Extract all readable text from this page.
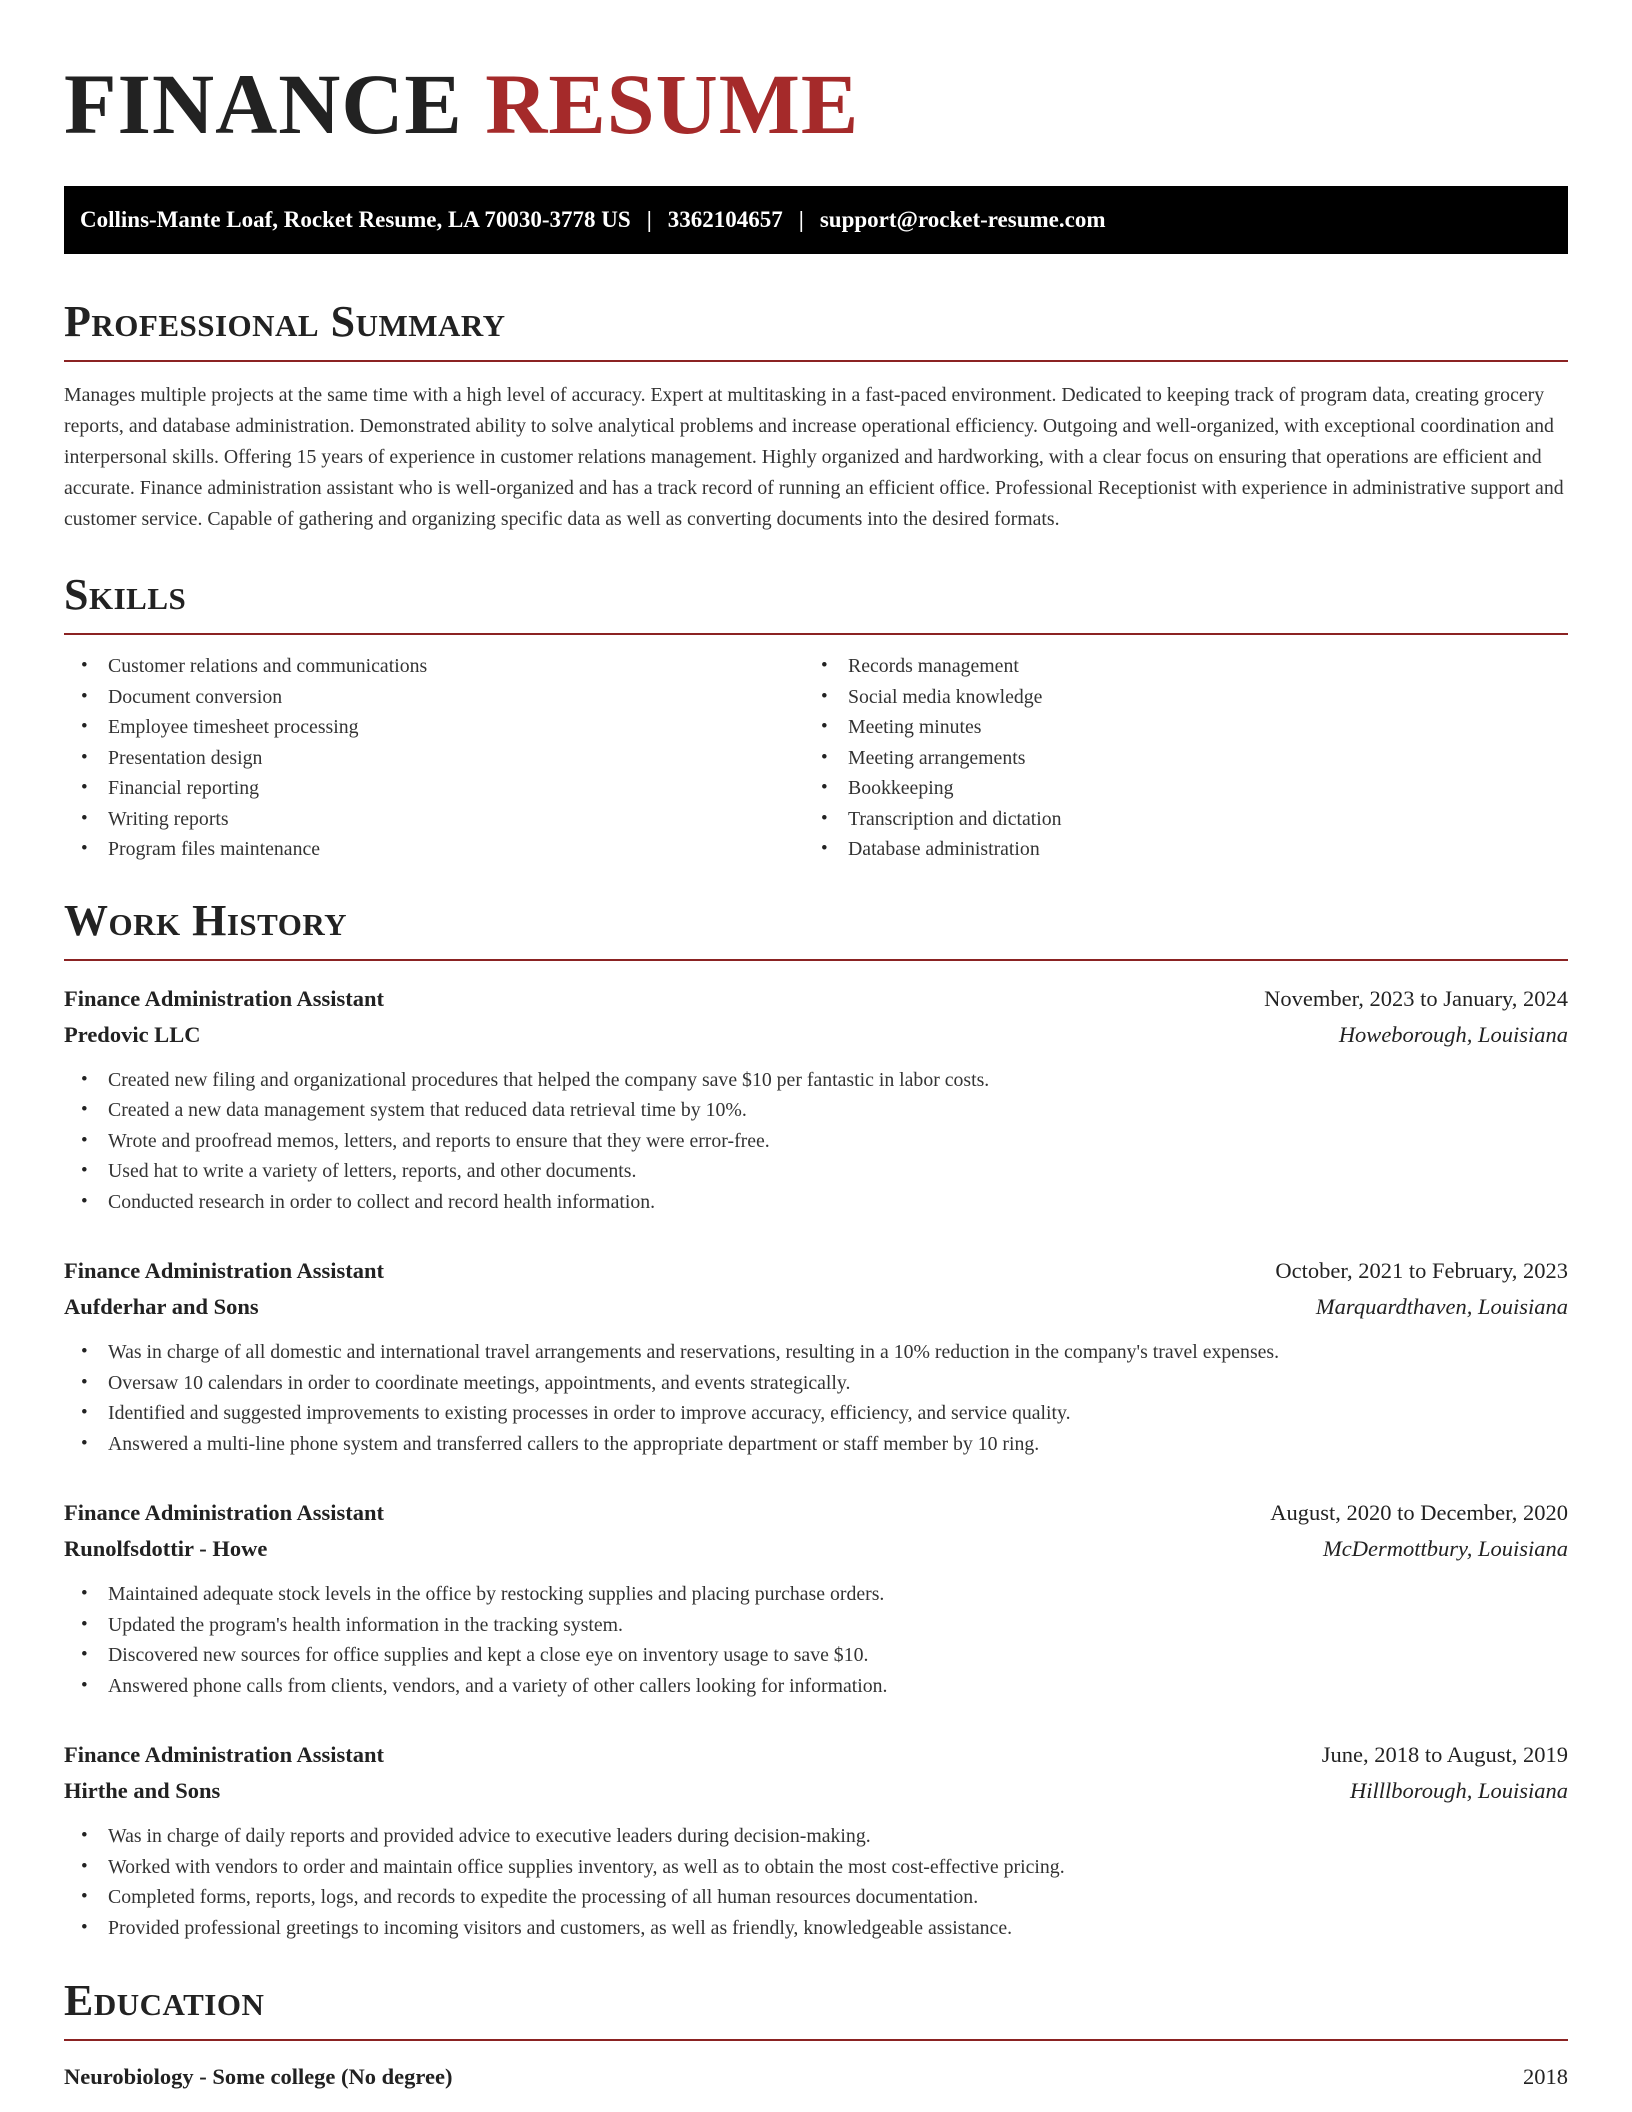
FINANCE RESUME
Collins-Mante Loaf, Rocket Resume, LA 70030-3778 US | 3362104657 | support@rocket-resume.com
Professional Summary

Manages multiple projects at the same time with a high level of accuracy. Expert at multitasking in a fast-paced environment. Dedicated to keeping track of program data, creating grocery reports, and database administration. Demonstrated ability to solve analytical problems and increase operational efficiency. Outgoing and well-organized, with exceptional coordination and interpersonal skills. Offering 15 years of experience in customer relations management. Highly organized and hardworking, with a clear focus on ensuring that operations are efficient and accurate. Finance administration assistant who is well-organized and has a track record of running an efficient office. Professional Receptionist with experience in administrative support and customer service. Capable of gathering and organizing specific data as well as converting documents into the desired formats.

Skills
• Customer relations and communications
• Document conversion
• Employee timesheet processing
• Presentation design
• Financial reporting
• Writing reports
• Program files maintenance
• Records management
• Social media knowledge
• Meeting minutes
• Meeting arrangements
• Bookkeeping
• Transcription and dictation
• Database administration
Work History
Finance Administration Assistant	November, 2023 to January, 2024
Predovic LLC	Howeborough, Louisiana
• Created new filing and organizational procedures that helped the company save $10 per fantastic in labor costs.
• Created a new data management system that reduced data retrieval time by 10%.
• Wrote and proofread memos, letters, and reports to ensure that they were error-free.
• Used hat to write a variety of letters, reports, and other documents.
• Conducted research in order to collect and record health information.
Finance Administration Assistant	October, 2021 to February, 2023
Aufderhar and Sons	Marquardthaven, Louisiana
• Was in charge of all domestic and international travel arrangements and reservations, resulting in a 10% reduction in the company's travel expenses.
• Oversaw 10 calendars in order to coordinate meetings, appointments, and events strategically.
• Identified and suggested improvements to existing processes in order to improve accuracy, efficiency, and service quality.
• Answered a multi-line phone system and transferred callers to the appropriate department or staff member by 10 ring.
Finance Administration Assistant	August, 2020 to December, 2020
Runolfsdottir - Howe	McDermottbury, Louisiana
• Maintained adequate stock levels in the office by restocking supplies and placing purchase orders.
• Updated the program's health information in the tracking system.
• Discovered new sources for office supplies and kept a close eye on inventory usage to save $10.
• Answered phone calls from clients, vendors, and a variety of other callers looking for information.
Finance Administration Assistant	June, 2018 to August, 2019
Hirthe and Sons	Hilllborough, Louisiana
• Was in charge of daily reports and provided advice to executive leaders during decision-making.
• Worked with vendors to order and maintain office supplies inventory, as well as to obtain the most cost-effective pricing.
• Completed forms, reports, logs, and records to expedite the processing of all human resources documentation.
• Provided professional greetings to incoming visitors and customers, as well as friendly, knowledgeable assistance.
Education
Neurobiology - Some college (No degree)	2018
